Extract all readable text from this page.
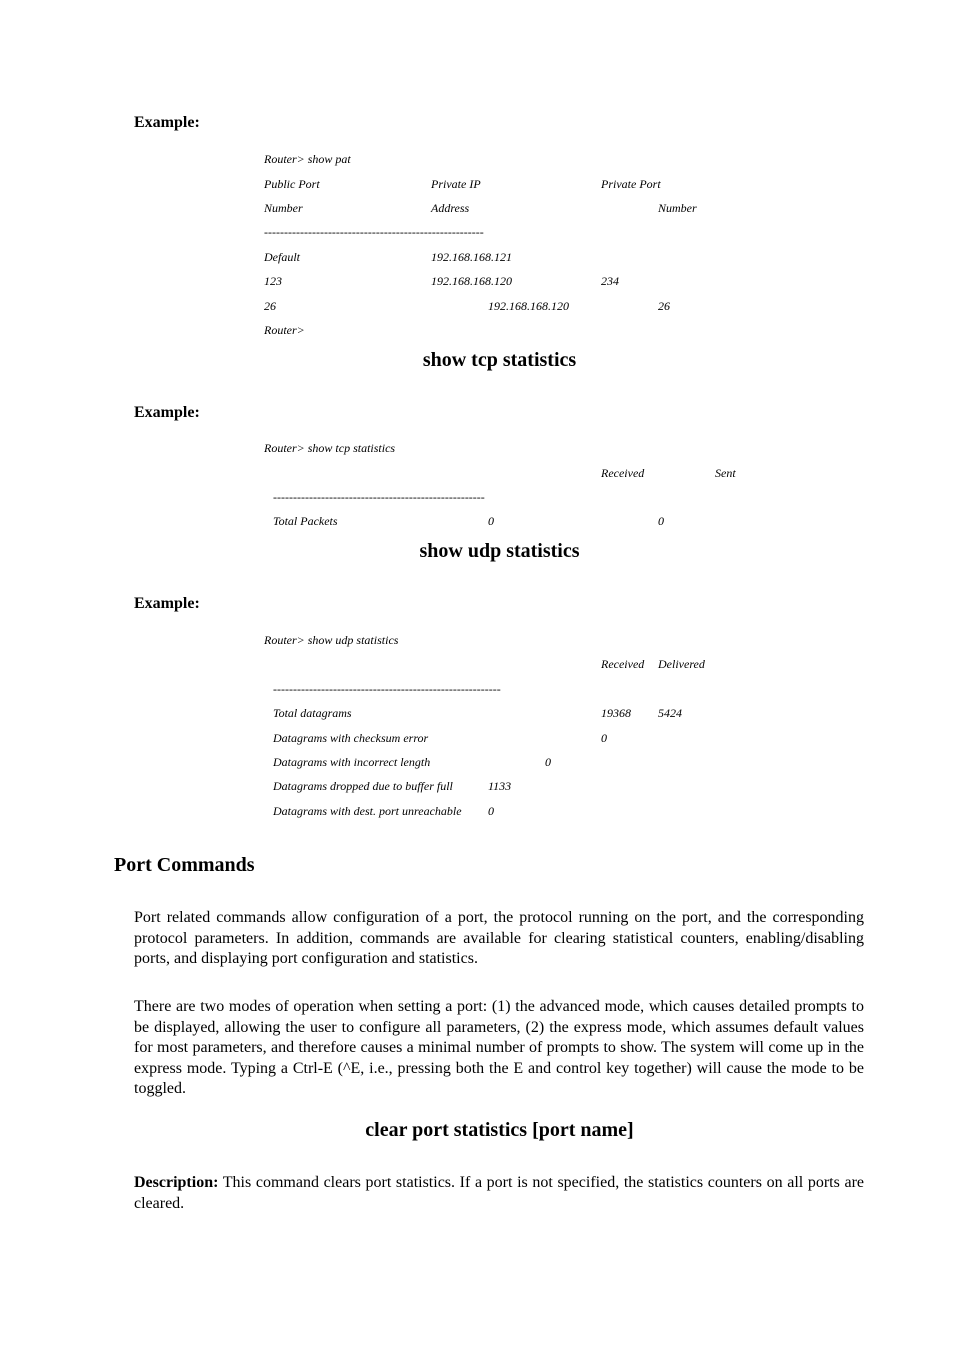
Example:
Router> show pat
Public Port	Private IP	Private Port
Number	Address	Number
-------------------------------------------------------
Default	192.168.168.121
123	192.168.168.120	234
26	192.168.168.120	26
Router>
show tcp statistics
Example:
Router> show tcp statistics
Received	Sent
-----------------------------------------------------
Total Packets	0	0
show udp statistics
Example:
Router> show udp statistics
Received Delivered
---------------------------------------------------------
Total datagrams	19368 5424
Datagrams with checksum error	0
Datagrams with incorrect length	0
Datagrams dropped due to buffer full	1133
Datagrams with dest. port unreachable 0
Port Commands
Port related commands allow configuration of a port, the protocol running on the port, and the corresponding protocol parameters. In addition, commands are available for clearing statistical counters, enabling/disabling ports, and displaying port configuration and statistics.
There are two modes of operation when setting a port: (1) the advanced mode, which causes detailed prompts to be displayed, allowing the user to configure all parameters, (2) the express mode, which assumes default values for most parameters, and therefore causes a minimal number of prompts to show. The system will come up in the express mode. Typing a Ctrl-E (^E, i.e., pressing both the E and control key together) will cause the mode to be toggled.
clear port statistics [port name]
Description: This command clears port statistics. If a port is not specified, the statistics counters on all ports are cleared.
